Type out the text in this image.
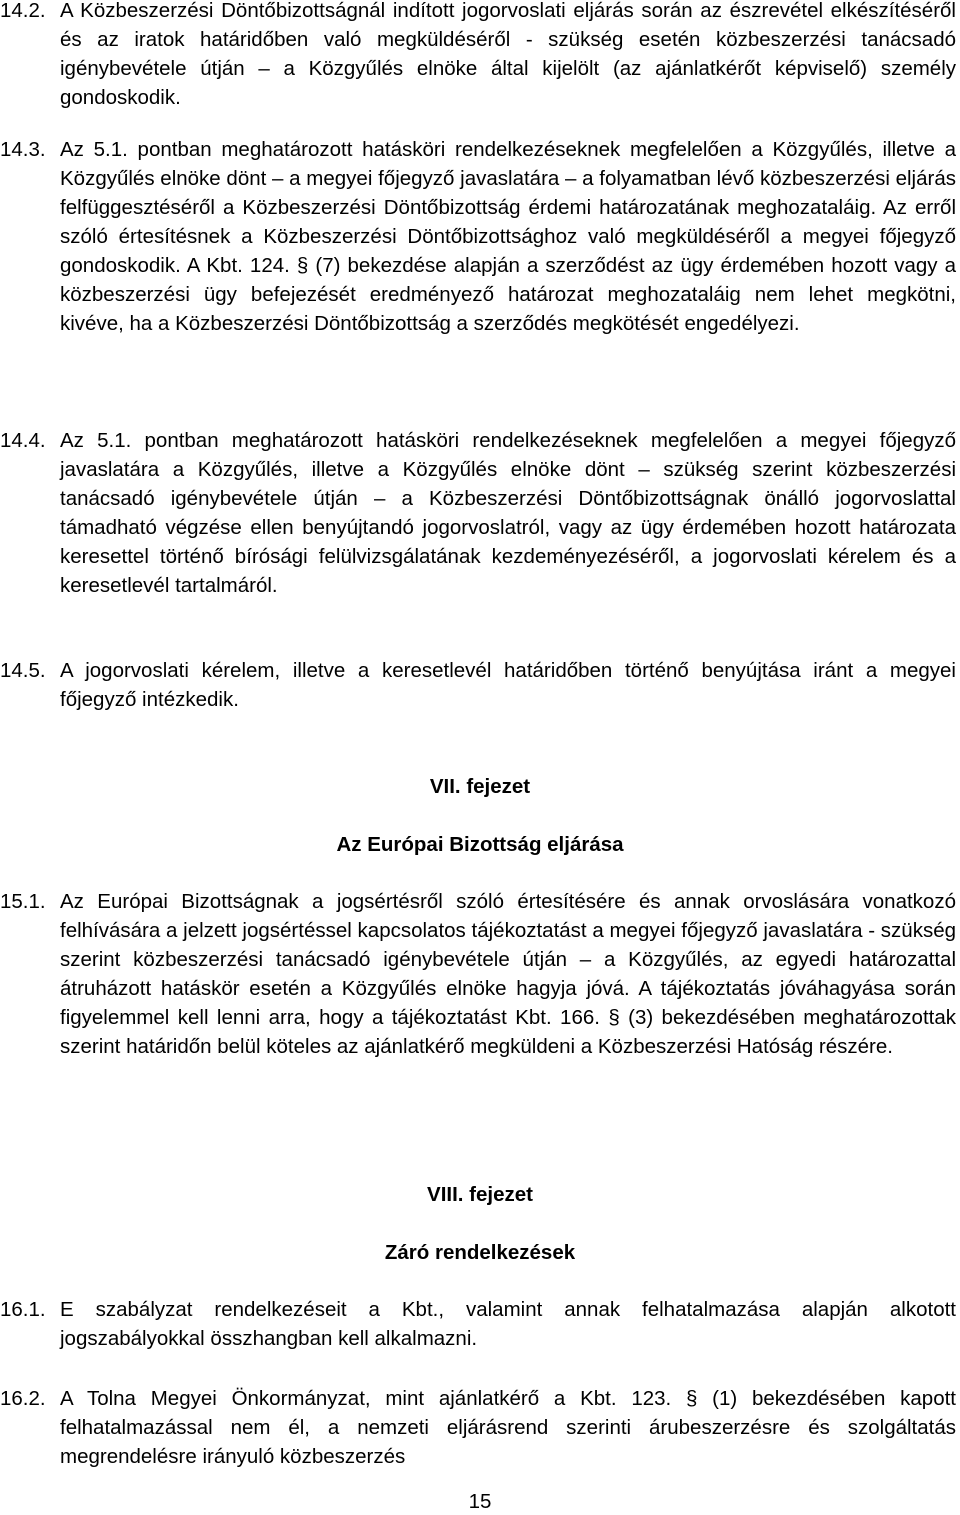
14.2. A Közbeszerzési Döntőbizottságnál indított jogorvoslati eljárás során az észrevétel elkészítéséről és az iratok határidőben való megküldéséről - szükség esetén közbeszerzési tanácsadó igénybevétele útján – a Közgyűlés elnöke által kijelölt (az ajánlatkérőt képviselő) személy gondoskodik.
14.3. Az 5.1. pontban meghatározott hatásköri rendelkezéseknek megfelelően a Közgyűlés, illetve a Közgyűlés elnöke dönt – a megyei főjegyző javaslatára – a folyamatban lévő közbeszerzési eljárás felfüggesztéséről a Közbeszerzési Döntőbizottság érdemi határozatának meghozataláig. Az erről szóló értesítésnek a Közbeszerzési Döntőbizottsághoz való megküldéséről a megyei főjegyző gondoskodik. A Kbt. 124. § (7) bekezdése alapján a szerződést az ügy érdemében hozott vagy a közbeszerzési ügy befejezését eredményező határozat meghozataláig nem lehet megkötni, kivéve, ha a Közbeszerzési Döntőbizottság a szerződés megkötését engedélyezi.
14.4. Az 5.1. pontban meghatározott hatásköri rendelkezéseknek megfelelően a megyei főjegyző javaslatára a Közgyűlés, illetve a Közgyűlés elnöke dönt – szükség szerint közbeszerzési tanácsadó igénybevétele útján – a Közbeszerzési Döntőbizottságnak önálló jogorvoslattal támadható végzése ellen benyújtandó jogorvoslatról, vagy az ügy érdemében hozott határozata keresettel történő bírósági felülvizsgálatának kezdeményezéséről, a jogorvoslati kérelem és a keresetlevél tartalmáról.
14.5. A jogorvoslati kérelem, illetve a keresetlevél határidőben történő benyújtása iránt a megyei főjegyző intézkedik.
VII. fejezet
Az Európai Bizottság eljárása
15.1. Az Európai Bizottságnak a jogsértésről szóló értesítésére és annak orvoslására vonatkozó felhívására a jelzett jogsértéssel kapcsolatos tájékoztatást a megyei főjegyző javaslatára - szükség szerint közbeszerzési tanácsadó igénybevétele útján – a Közgyűlés, az egyedi határozattal átruházott hatáskör esetén a Közgyűlés elnöke hagyja jóvá. A tájékoztatás jóváhagyása során figyelemmel kell lenni arra, hogy a tájékoztatást Kbt. 166. § (3) bekezdésében meghatározottak szerint határidőn belül köteles az ajánlatkérő megküldeni a Közbeszerzési Hatóság részére.
VIII. fejezet
Záró rendelkezések
16.1. E szabályzat rendelkezéseit a Kbt., valamint annak felhatalmazása alapján alkotott jogszabályokkal összhangban kell alkalmazni.
16.2. A Tolna Megyei Önkormányzat, mint ajánlatkérő a Kbt. 123. § (1) bekezdésében kapott felhatalmazással nem él, a nemzeti eljárásrend szerinti árubeszerzésre és szolgáltatás megrendelésre irányuló közbeszerzés
15
